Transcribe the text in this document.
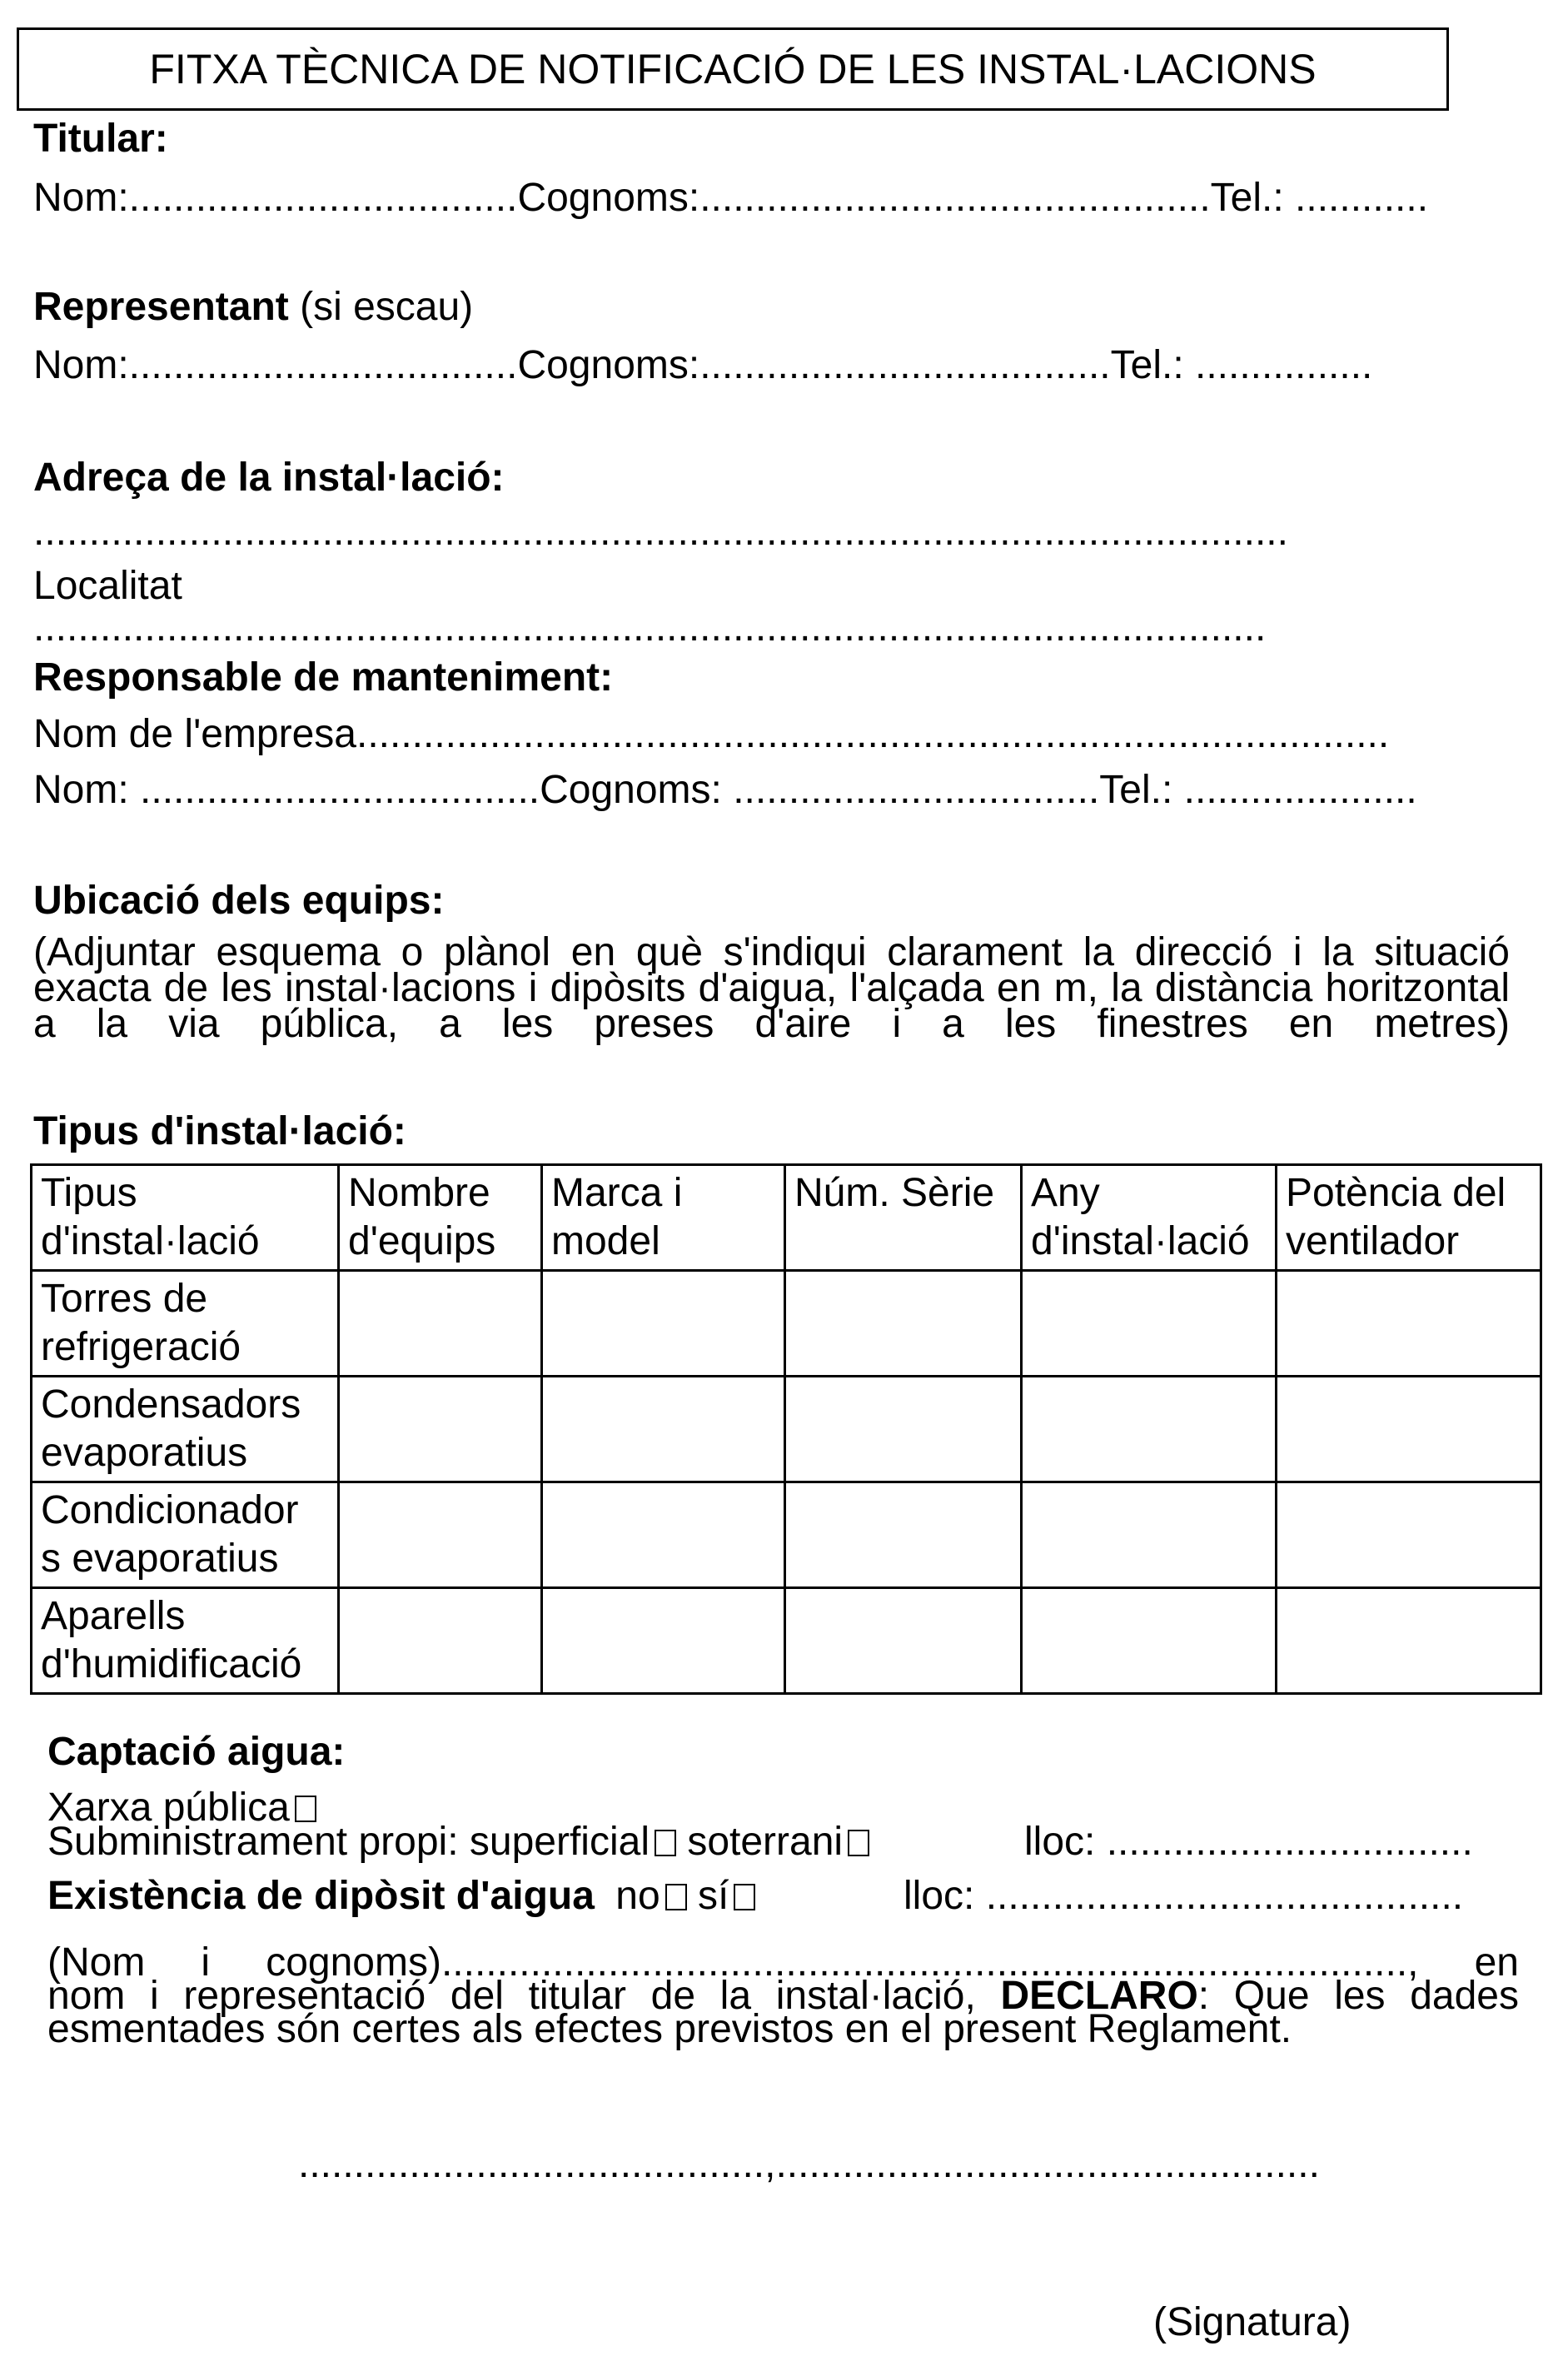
FITXA TÈCNICA DE NOTIFICACIÓ DE LES INSTAL·LACIONS
Titular:
Nom:...................................Cognoms:..............................................Tel.: ............
Representant (si escau)
Nom:...................................Cognoms:.....................................Tel.: ................
Adreça de la instal·lació:
.................................................................................................................
Localitat
...............................................................................................................
Responsable de manteniment:
Nom de l'empresa.............................................................................................
Nom: ....................................Cognoms: .................................Tel.: .....................
Ubicació dels equips:
(Adjuntar esquema o plànol en què s'indiqui clarament la direcció i la situació exacta de les instal·lacions i dipòsits d'aigua, l'alçada en m, la distància horitzontal a la via pública, a les preses d'aire i a les finestres en metres)
Tipus d'instal·lació:
Tipus d'instal·lació	Nombre d'equips	Marca i model	Núm. Sèrie	Any d'instal·lació	Potència del ventilador
Torres de refrigeració					
Condensadors evaporatius					
Condicionador s evaporatius					
Aparells d'humidificació					
Captació aigua:
Xarxa pública
Subministrament propi: superficial soterrani	lloc: .................................
Existència de dipòsit d'aigua no sí	lloc: ...........................................
(Nom i cognoms)......................................................................................., en
nom i representació del titular de la instal·lació, DECLARO: Que les dades
esmentades són certes als efectes previstos en el present Reglament.
..........................................,.................................................
(Signatura)
